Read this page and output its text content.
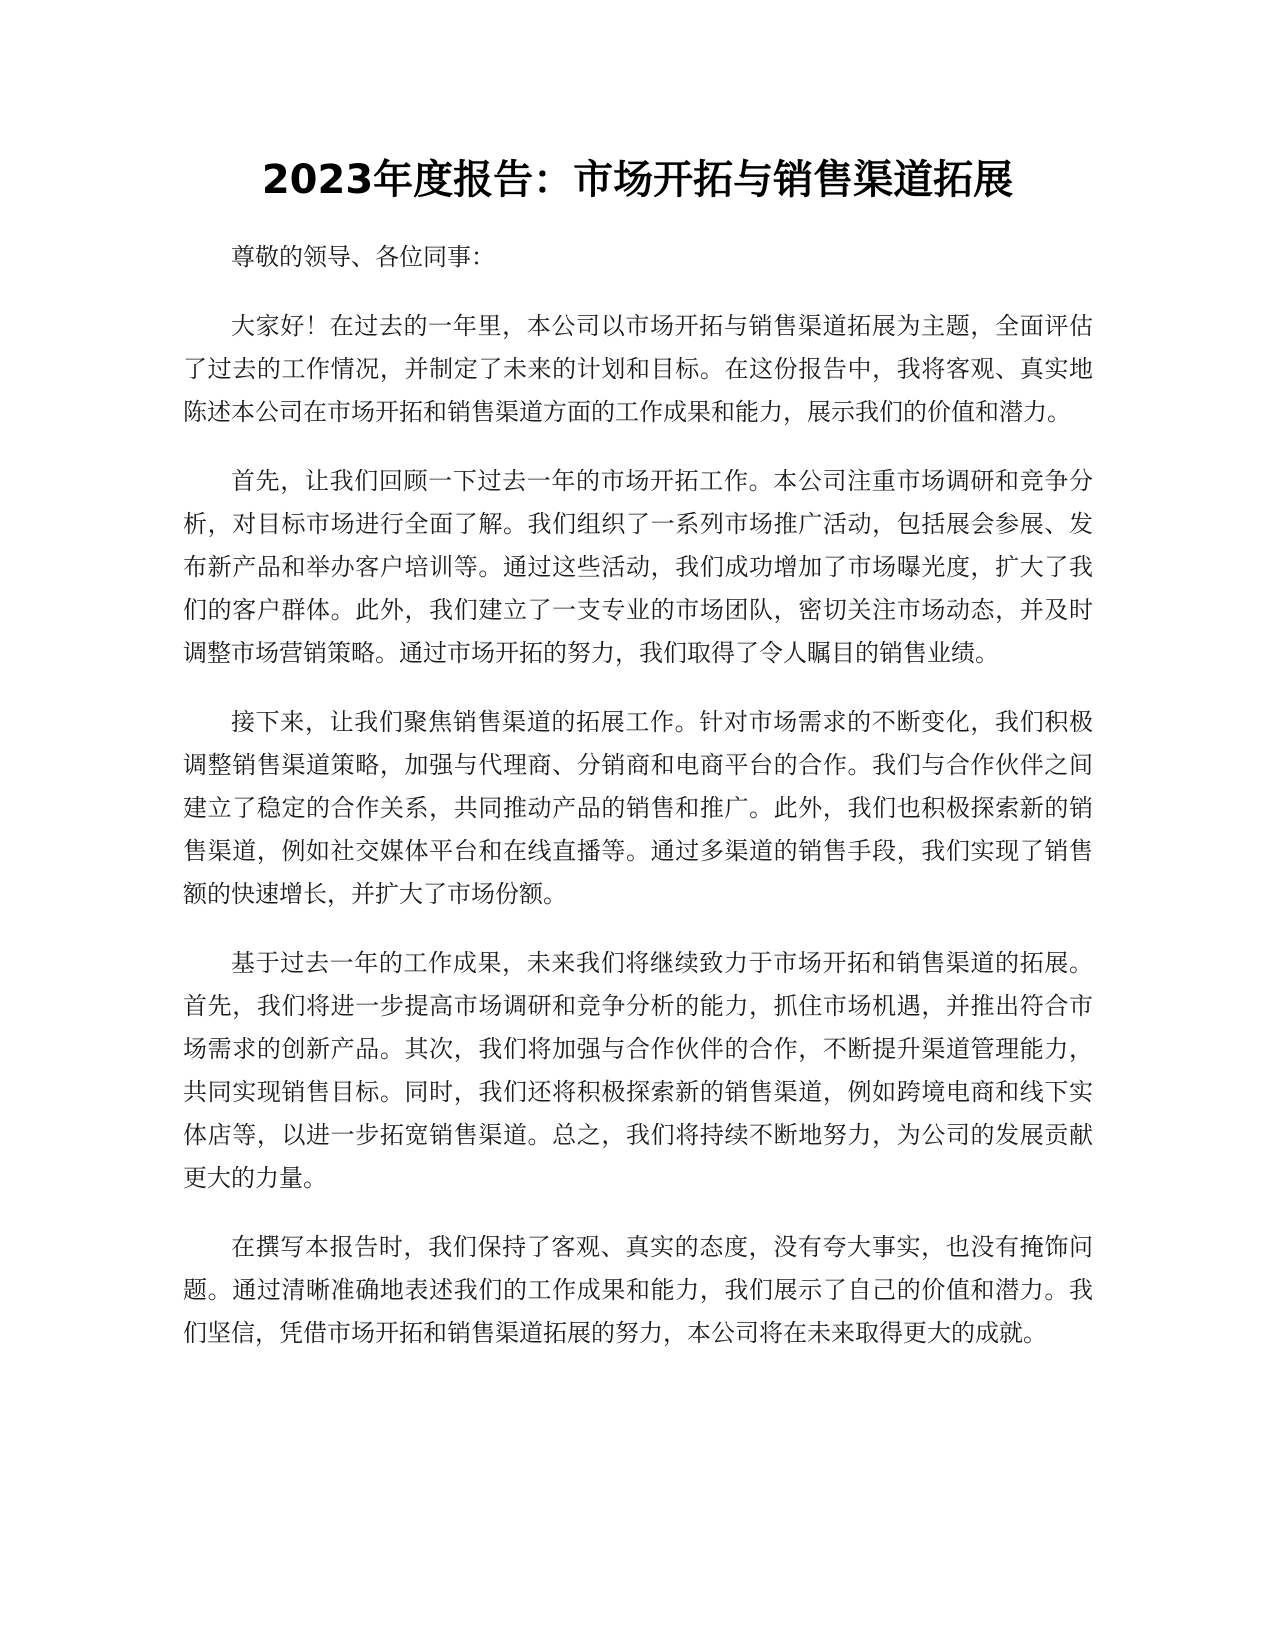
2023年度报告：市场开拓与销售渠道拓展

尊敬的领导、各位同事：

大家好！在过去的一年里，本公司以市场开拓与销售渠道拓展为主题，全面评估了过去的工作情况，并制定了未来的计划和目标。在这份报告中，我将客观、真实地陈述本公司在市场开拓和销售渠道方面的工作成果和能力，展示我们的价值和潜力。

首先，让我们回顾一下过去一年的市场开拓工作。本公司注重市场调研和竞争分析，对目标市场进行全面了解。我们组织了一系列市场推广活动，包括展会参展、发布新产品和举办客户培训等。通过这些活动，我们成功增加了市场曝光度，扩大了我们的客户群体。此外，我们建立了一支专业的市场团队，密切关注市场动态，并及时调整市场营销策略。通过市场开拓的努力，我们取得了令人瞩目的销售业绩。

接下来，让我们聚焦销售渠道的拓展工作。针对市场需求的不断变化，我们积极调整销售渠道策略，加强与代理商、分销商和电商平台的合作。我们与合作伙伴之间建立了稳定的合作关系，共同推动产品的销售和推广。此外，我们也积极探索新的销售渠道，例如社交媒体平台和在线直播等。通过多渠道的销售手段，我们实现了销售额的快速增长，并扩大了市场份额。

基于过去一年的工作成果，未来我们将继续致力于市场开拓和销售渠道的拓展。首先，我们将进一步提高市场调研和竞争分析的能力，抓住市场机遇，并推出符合市场需求的创新产品。其次，我们将加强与合作伙伴的合作，不断提升渠道管理能力，共同实现销售目标。同时，我们还将积极探索新的销售渠道，例如跨境电商和线下实体店等，以进一步拓宽销售渠道。总之，我们将持续不断地努力，为公司的发展贡献更大的力量。

在撰写本报告时，我们保持了客观、真实的态度，没有夸大事实，也没有掩饰问题。通过清晰准确地表述我们的工作成果和能力，我们展示了自己的价值和潜力。我们坚信，凭借市场开拓和销售渠道拓展的努力，本公司将在未来取得更大的成就。
